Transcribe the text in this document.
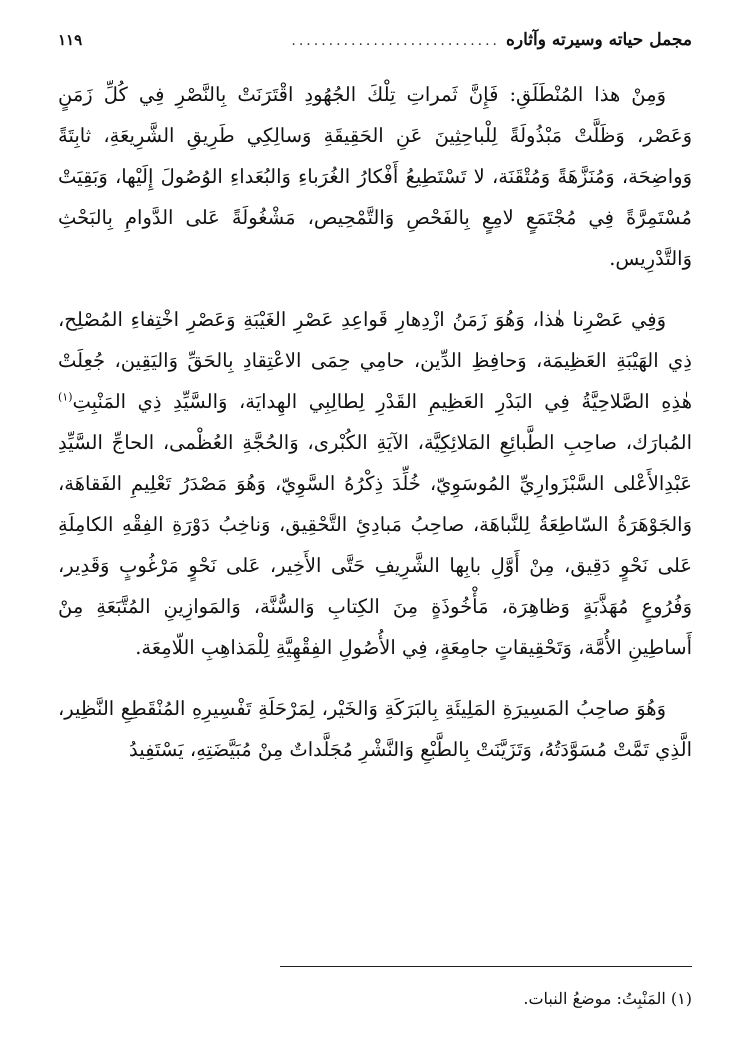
مجمل حياته وسيرته وآثاره
............................
١١٩

وَمِنْ هذا المُنْطَلَقِ: فَإِنَّ ثَمراتِ تِلْكَ الجُهُودِ اقْتَرَنَتْ بِالنَّصْرِ فِي كُلِّ زَمَنٍ وَعَصْر، وَظَلَّتْ مَبْذُولَةً لِلْباحِثِينَ عَنِ الحَقِيقَةِ وَسالِكِي طَرِيقِ الشَّرِيعَةِ، ثابِتَةً وَواضِحَة، وَمُنَزَّهَةً وَمُتْقَنَة، لا تَسْتَطِيعُ أَفْكارُ الغُرَباءِ وَالبُعَداءِ الوُصُولَ إِلَيْها، وَبَقِيَتْ مُسْتَمِرَّةً فِي مُجْتَمَعٍ لامِعٍ بِالفَحْصِ وَالتَّمْحِيص، مَشْغُولَةً عَلى الدَّوامِ بِالبَحْثِ وَالتَّدْرِيس.

وَفِي عَصْرِنا هٰذا، وَهُوَ زَمَنُ ازْدِهارِ قَواعِدِ عَصْرِ الغَيْبَةِ وَعَصْرِ اخْتِفاءِ المُصْلِح، ذِي الهَيْبَةِ العَظِيمَة، وَحافِظِ الدِّين، حامِي حِمَى الاعْتِقادِ بِالحَقِّ وَاليَقِين، جُعِلَتْ هٰذِهِ الصَّلاحِيَّةُ فِي البَدْرِ العَظِيمِ القَدْرِ لِطالِبِي الهِدايَة، وَالسَّيِّدِ ذِي المَنْبِتِ$^{(١)}$ المُبارَك، صاحِبِ الطَّبائِعِ المَلائِكِيَّة، الآيَةِ الكُبْرى، وَالحُجَّةِ العُظْمى، الحاجِّ السَّيِّدِ عَبْدِالأَعْلى السَّبْزَوارِيِّ المُوسَوِيّ، خُلِّدَ ذِكْرُهُ السَّوِيّ، وَهُوَ مَصْدَرُ تَعْلِيمِ الفَقاهَة، وَالجَوْهَرَةُ السّاطِعَةُ لِلنَّباهَة، صاحِبُ مَبادِئِ التَّحْقِيق، وَناخِبُ دَوْرَةِ الفِقْهِ الكامِلَةِ عَلى نَحْوٍ دَقِيق، مِنْ أَوَّلِ بابِها الشَّرِيفِ حَتَّى الأَخِير، عَلى نَحْوٍ مَرْغُوبٍ وَقَدِير، وَفُرُوعٍ مُهَذَّبَةٍ وَظاهِرَة، مَأْخُوذَةٍ مِنَ الكِتابِ وَالسُّنَّة، وَالمَوازِينِ المُتَّبَعَةِ مِنْ أَساطِينِ الأُمَّة، وَتَحْقِيقاتٍ جامِعَةٍ، فِي الأُصُولِ الفِقْهِيَّةِ لِلْمَذاهِبِ اللّامِعَة.

وَهُوَ صاحِبُ المَسِيرَةِ المَلِيئَةِ بِالبَرَكَةِ وَالخَيْر، لِمَرْحَلَةِ تَفْسِيرِهِ المُنْقَطِعِ النَّظِير، الَّذِي تَمَّتْ مُسَوَّدَتُهُ، وَتَزَيَّنَتْ بِالطَّبْعِ وَالنَّشْرِ مُجَلَّداتٌ مِنْ مُبَيَّضَتِهِ، يَسْتَفِيدُ

(١) المَنْبِتُ: موضعُ النبات.
